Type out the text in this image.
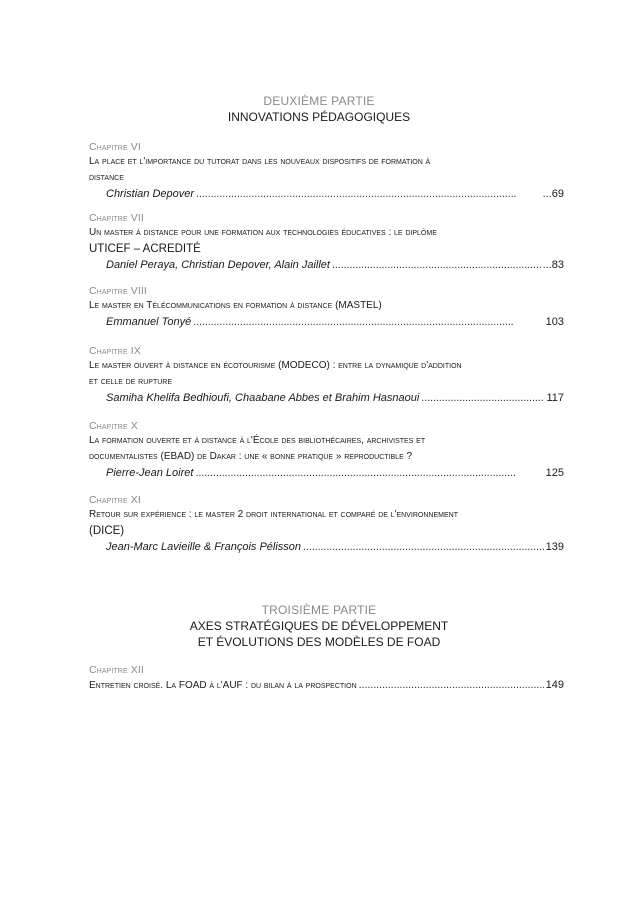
DEUXIÈME PARTIE
INNOVATIONS PÉDAGOGIQUES
Chapitre VI
La place et l'importance du tutorat dans les nouveaux dispositifs de formation à
distance
Christian Depover . . .	...69
Chapitre VII
Un master à distance pour une formation aux technologies éducatives : le diplôme
UTICEF – ACREDITÉ
Daniel Peraya, Christian Depover, Alain Jaillet . . .	...83
Chapitre VIII
Le master en Télécommunications en formation à distance (MASTEL)
Emmanuel Tonyé . . .	103
Chapitre IX
Le master ouvert à distance en écotourisme (MODECO) : entre la dynamique d'addition
et celle de rupture
Samiha Khelifa Bedhioufi, Chaabane Abbes et Brahim Hasnaoui . . .	117
Chapitre X
La formation ouverte et à distance à l'École des bibliothécaires, archivistes et
documentalistes (EBAD) de Dakar : une « bonne pratique » reproductible ?
Pierre-Jean Loiret . . .	125
Chapitre XI
Retour sur expérience : le master 2 droit international et comparé de l'environnement
(DICE)
Jean-Marc Lavieille & François Pélisson . . .	139
TROISIÈME PARTIE
AXES STRATÉGIQUES DE DÉVELOPPEMENT
ET ÉVOLUTIONS DES MODÈLES DE FOAD
Chapitre XII
Entretien croisé. La FOAD à l'AUF : du bilan à la prospection . . .	149
